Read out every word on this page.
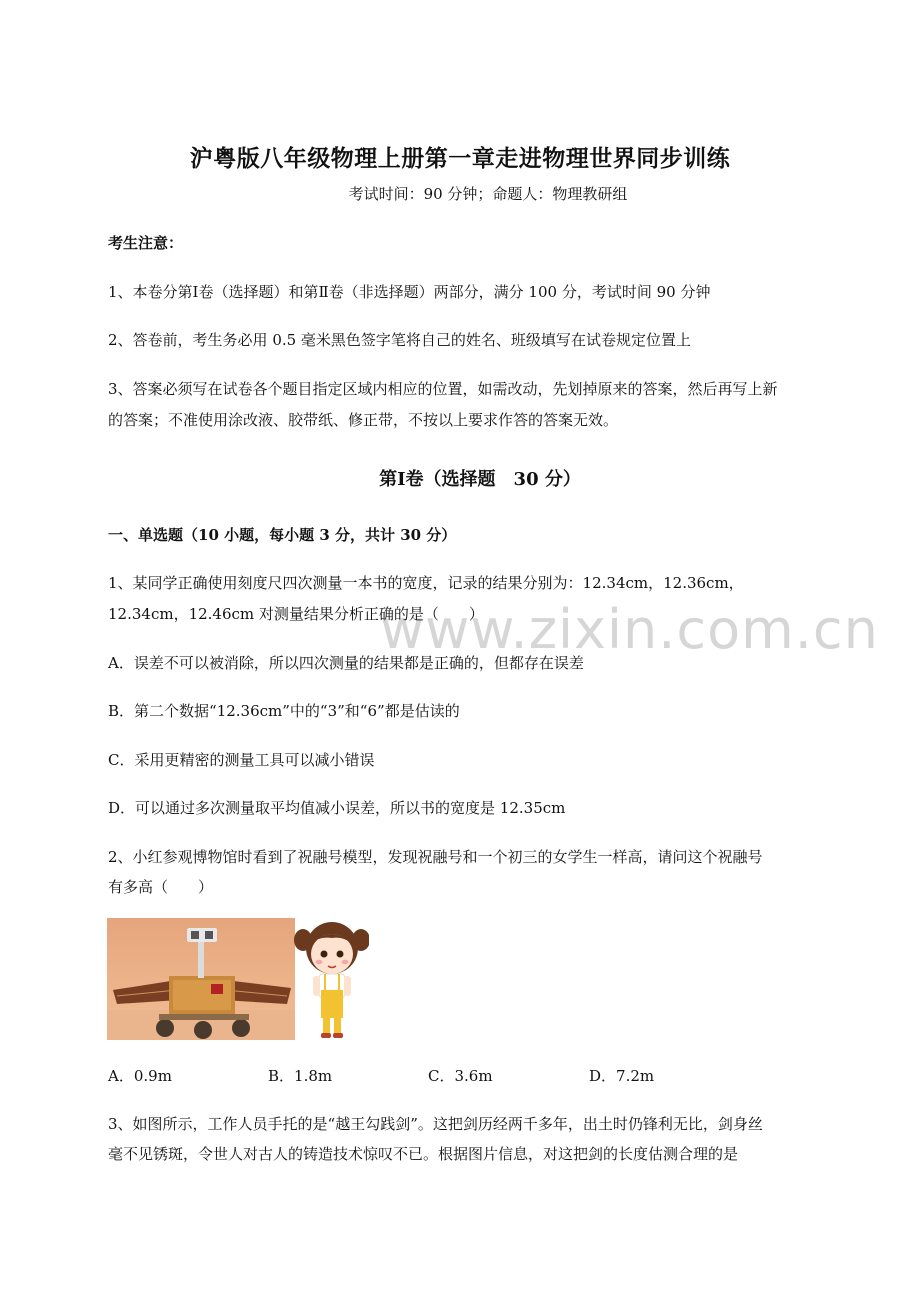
沪粤版八年级物理上册第一章走进物理世界同步训练
考试时间：90 分钟；命题人：物理教研组
考生注意：
1、本卷分第Ⅰ卷（选择题）和第Ⅱ卷（非选择题）两部分，满分 100 分，考试时间 90 分钟
2、答卷前，考生务必用 0.5 毫米黑色签字笔将自己的姓名、班级填写在试卷规定位置上
3、答案必须写在试卷各个题目指定区域内相应的位置，如需改动，先划掉原来的答案，然后再写上新
的答案；不准使用涂改液、胶带纸、修正带，不按以上要求作答的答案无效。
第Ⅰ卷（选择题　30 分）
一、单选题（10 小题，每小题 3 分，共计 30 分）
www.zixin.com.cn
1、某同学正确使用刻度尺四次测量一本书的宽度，记录的结果分别为：12.34cm，12.36cm，
12.34cm，12.46cm 对测量结果分析正确的是（　　）
A．误差不可以被消除，所以四次测量的结果都是正确的，但都存在误差
B．第二个数据“12.36cm”中的“3”和“6”都是估读的
C．采用更精密的测量工具可以减小错误
D．可以通过多次测量取平均值减小误差，所以书的宽度是 12.35cm
2、小红参观博物馆时看到了祝融号模型，发现祝融号和一个初三的女学生一样高，请问这个祝融号
有多高（　　）
A．0.9m	B．1.8m	C．3.6m	D．7.2m
3、如图所示，工作人员手托的是“越王勾践剑”。这把剑历经两千多年，出土时仍锋利无比，剑身丝
毫不见锈斑，令世人对古人的铸造技术惊叹不已。根据图片信息，对这把剑的长度估测合理的是
